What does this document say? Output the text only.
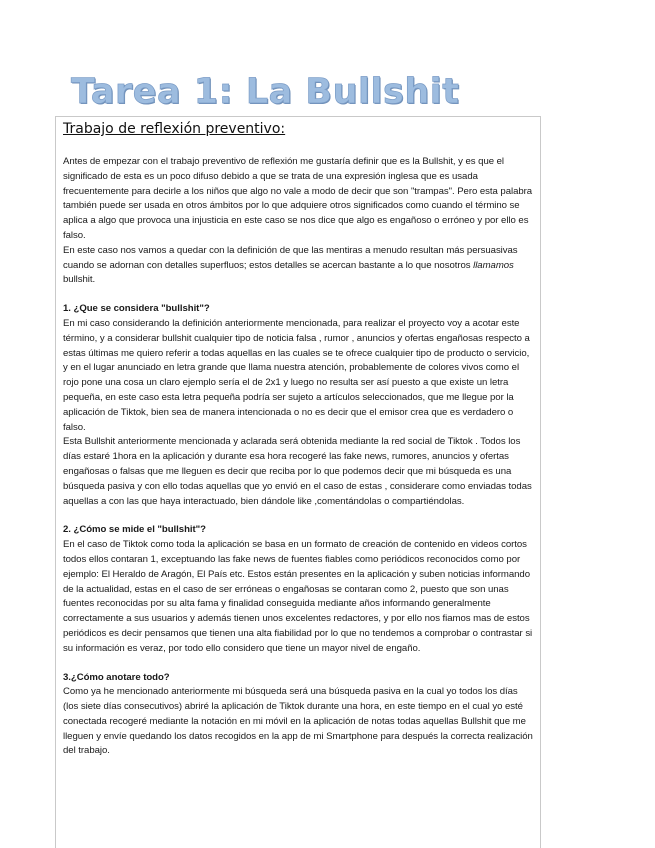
Tarea 1: La Bullshit
Trabajo de reflexión preventivo:

Antes de empezar con el trabajo preventivo de reflexión me gustaría definir que es la Bullshit, y es que el significado de esta es un poco difuso debido a que se trata de una expresión inglesa que es usada frecuentemente para decirle a los niños que algo no vale a modo de decir que son "trampas". Pero esta palabra también puede ser usada en otros ámbitos por lo que adquiere otros significados como cuando el término se aplica a algo que provoca una injusticia en este caso se nos dice que algo es engañoso o erróneo y por ello es falso.

En este caso nos vamos a quedar con la definición de que las mentiras a menudo resultan más persuasivas cuando se adornan con detalles superfluos; estos detalles se acercan bastante a lo que nosotros llamamos bullshit.

1. ¿Que se considera "bullshit"?

En mi caso considerando la definición anteriormente mencionada, para realizar el proyecto voy a acotar este término, y a considerar bullshit cualquier tipo de noticia falsa , rumor , anuncios y ofertas engañosas respecto a estas últimas me quiero referir a todas aquellas en las cuales se te ofrece cualquier tipo de producto o servicio, y en el lugar anunciado en letra grande que llama nuestra atención, probablemente de colores vivos como el rojo pone una cosa un claro ejemplo sería el de 2x1 y luego no resulta ser así puesto a que existe un letra pequeña, en este caso esta letra pequeña podría ser sujeto a artículos seleccionados, que me llegue por la aplicación de Tiktok, bien sea de manera intencionada o no es decir que el emisor crea que es verdadero o falso.

Esta Bullshit anteriormente mencionada y aclarada será obtenida mediante la red social de Tiktok . Todos los días estaré 1hora en la aplicación y durante esa hora recogeré las fake news, rumores, anuncios y ofertas engañosas o falsas que me lleguen es decir que reciba por lo que podemos decir que mi búsqueda es una búsqueda pasiva y con ello todas aquellas que yo envió en el caso de estas , considerare como enviadas todas aquellas a con las que haya interactuado, bien dándole like ,comentándolas o compartiéndolas.

2. ¿Cómo se mide el "bullshit"?

En el caso de Tiktok como toda la aplicación se basa en un formato de creación de contenido en videos cortos todos ellos contaran 1, exceptuando las fake news de fuentes fiables como periódicos reconocidos como por ejemplo: El Heraldo de Aragón, El País etc. Estos están presentes en la aplicación y suben noticias informando de la actualidad, estas en el caso de ser erróneas o engañosas se contaran como 2, puesto que son unas fuentes reconocidas por su alta fama y finalidad conseguida mediante años informando generalmente correctamente a sus usuarios y además tienen unos excelentes redactores, y por ello nos fiamos mas de estos periódicos es decir pensamos que tienen una alta fiabilidad por lo que no tendemos a comprobar o contrastar si su información es veraz, por todo ello considero que tiene un mayor nivel de engaño.

3.¿Cómo anotare todo?

Como ya he mencionado anteriormente mi búsqueda será una búsqueda pasiva en la cual yo todos los días (los siete días consecutivos) abriré la aplicación de Tiktok durante una hora, en este tiempo en el cual yo esté conectada recogeré mediante la notación en mi móvil en la aplicación de notas todas aquellas Bullshit que me lleguen y envíe quedando los datos recogidos en la app de mi Smartphone para después la correcta realización del trabajo.
